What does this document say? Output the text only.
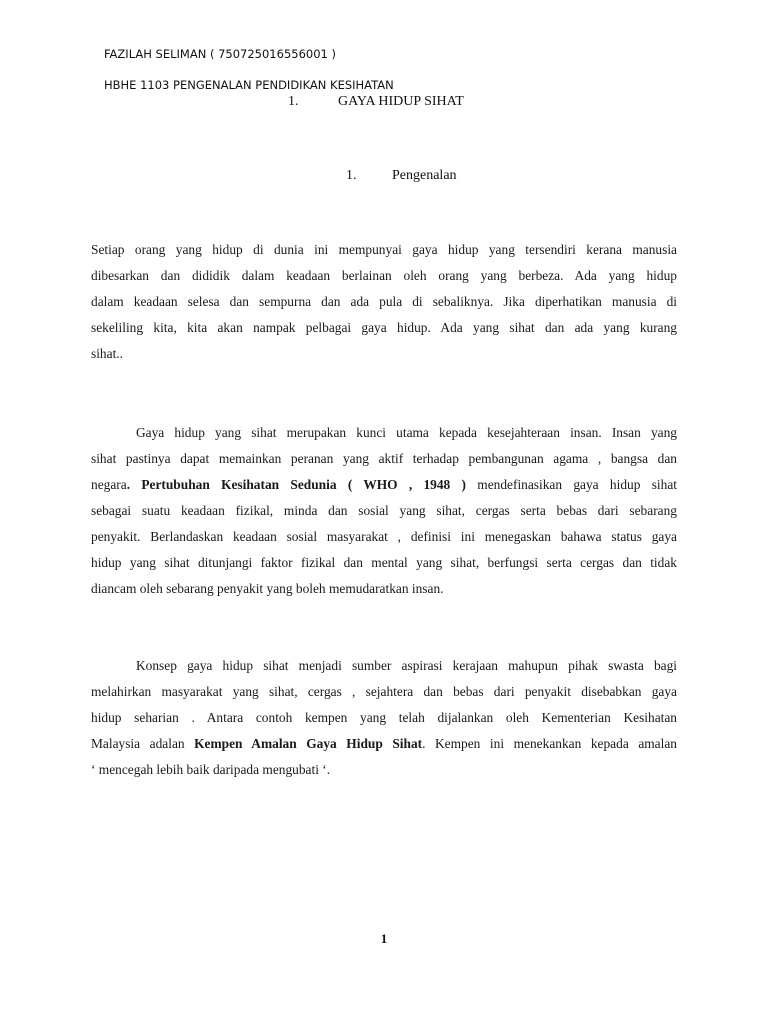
FAZILAH SELIMAN ( 750725016556001 )
HBHE 1103 PENGENALAN PENDIDIKAN KESIHATAN
1.	GAYA HIDUP SIHAT
1.	Pengenalan
Setiap orang yang hidup di dunia ini mempunyai gaya hidup yang tersendiri kerana manusia
dibesarkan dan dididik dalam keadaan berlainan oleh orang yang berbeza. Ada yang hidup
dalam keadaan selesa dan sempurna dan ada pula di sebaliknya. Jika diperhatikan manusia di
sekeliling kita, kita akan nampak pelbagai gaya hidup. Ada yang sihat dan ada yang kurang
sihat..
Gaya hidup yang sihat merupakan kunci utama kepada kesejahteraan insan. Insan yang
sihat pastinya dapat memainkan peranan yang aktif terhadap pembangunan agama , bangsa dan
negara. Pertubuhan Kesihatan Sedunia ( WHO , 1948 ) mendefinasikan gaya hidup sihat
sebagai suatu keadaan fizikal, minda dan sosial yang sihat, cergas serta bebas dari sebarang
penyakit. Berlandaskan keadaan sosial masyarakat , definisi ini menegaskan bahawa status gaya
hidup yang sihat ditunjangi faktor fizikal dan mental yang sihat, berfungsi serta cergas dan tidak
diancam oleh sebarang penyakit yang boleh memudaratkan insan.
Konsep gaya hidup sihat menjadi sumber aspirasi kerajaan mahupun pihak swasta bagi
melahirkan masyarakat yang sihat, cergas , sejahtera dan bebas dari penyakit disebabkan gaya
hidup seharian . Antara contoh kempen yang telah dijalankan oleh Kementerian Kesihatan
Malaysia adalan Kempen Amalan Gaya Hidup Sihat. Kempen ini menekankan kepada amalan
‘ mencegah lebih baik daripada mengubati ‘.
1
